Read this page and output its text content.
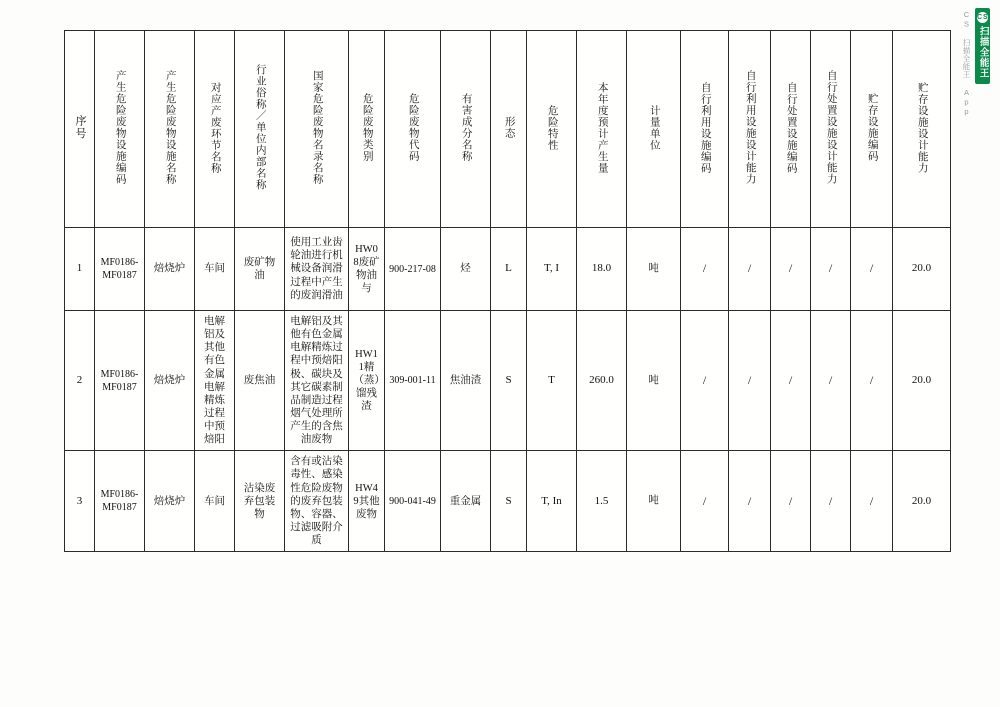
CS
扫描全能王
CS 扫描全能王 App
序号	产生危险废物设施编码	产生危险废物设施名称	对应产废环节名称	行业俗称／单位内部名称	国家危险废物名录名称	危险废物类别	危险废物代码	有害成分名称	形态	危险特性	本年度预计产生量	计量单位	自行利用设施编码	自行利用设施设计能力	自行处置设施编码	自行处置设施设计能力	贮存设施编码	贮存设施设计能力
1	MF0186-MF0187	焙烧炉	车间	废矿物油	使用工业齿轮油进行机械设备润滑过程中产生的废润滑油	HW08废矿物油与	900-217-08	烃	L	T, I	18.0	吨	/	/	/	/	/	20.0
2	MF0186-MF0187	焙烧炉	电解铝及其他有色金属电解精炼过程中预焙阳	废焦油	电解铝及其他有色金属电解精炼过程中预焙阳极、碳块及其它碳素制品制造过程烟气处理所产生的含焦油废物	HW11精（蒸）馏残渣	309-001-11	焦油渣	S	T	260.0	吨	/	/	/	/	/	20.0
3	MF0186-MF0187	焙烧炉	车间	沾染废弃包装物	含有或沾染毒性、感染性危险废物的废弃包装物、容器、过滤吸附介质	HW49其他废物	900-041-49	重金属	S	T, In	1.5	吨	/	/	/	/	/	20.0
